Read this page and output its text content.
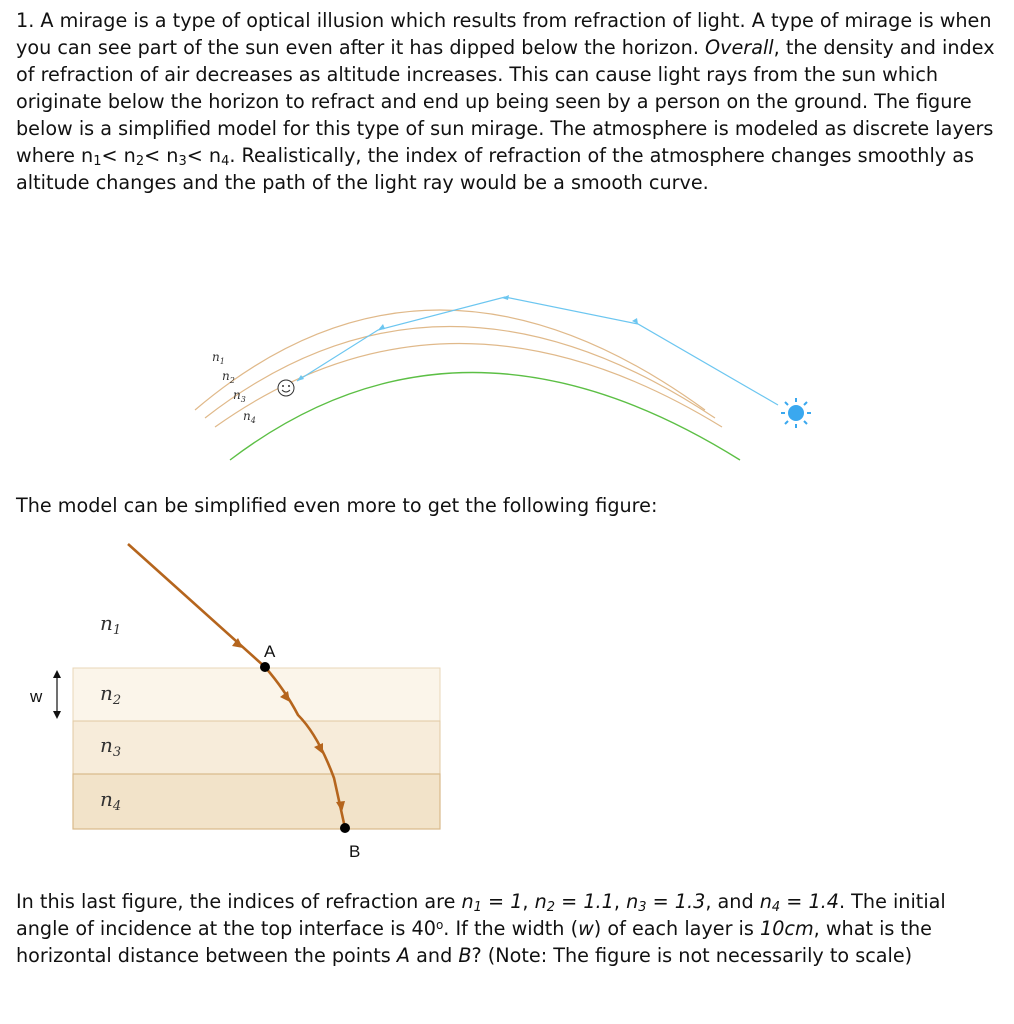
1. A mirage is a type of optical illusion which results from refraction of light. A type of mirage is when you can see part of the sun even after it has dipped below the horizon. Overall, the density and index of refraction of air decreases as altitude increases. This can cause light rays from the sun which originate below the horizon to refract and end up being seen by a person on the ground. The figure below is a simplified model for this type of sun mirage. The atmosphere is modeled as discrete layers where $n_1< n_2< n_3< n_4$. Realistically, the index of refraction of the atmosphere changes smoothly as altitude changes and the path of the light ray would be a smooth curve.

$n_1$
$n_2$
$n_3$
$n_4$

The model can be simplified even more to get the following figure:

$n_1$
$n_2$
$n_3$
$n_4$
w
A
B

In this last figure, the indices of refraction are $n_1 = 1$, $n_2 = 1.1$, $n_3 = 1.3$, and $n_4 = 1.4$. The initial angle of incidence at the top interface is 40$^o$. If the width (w) of each layer is 10cm, what is the horizontal distance between the points A and B? (Note: The figure is not necessarily to scale)
